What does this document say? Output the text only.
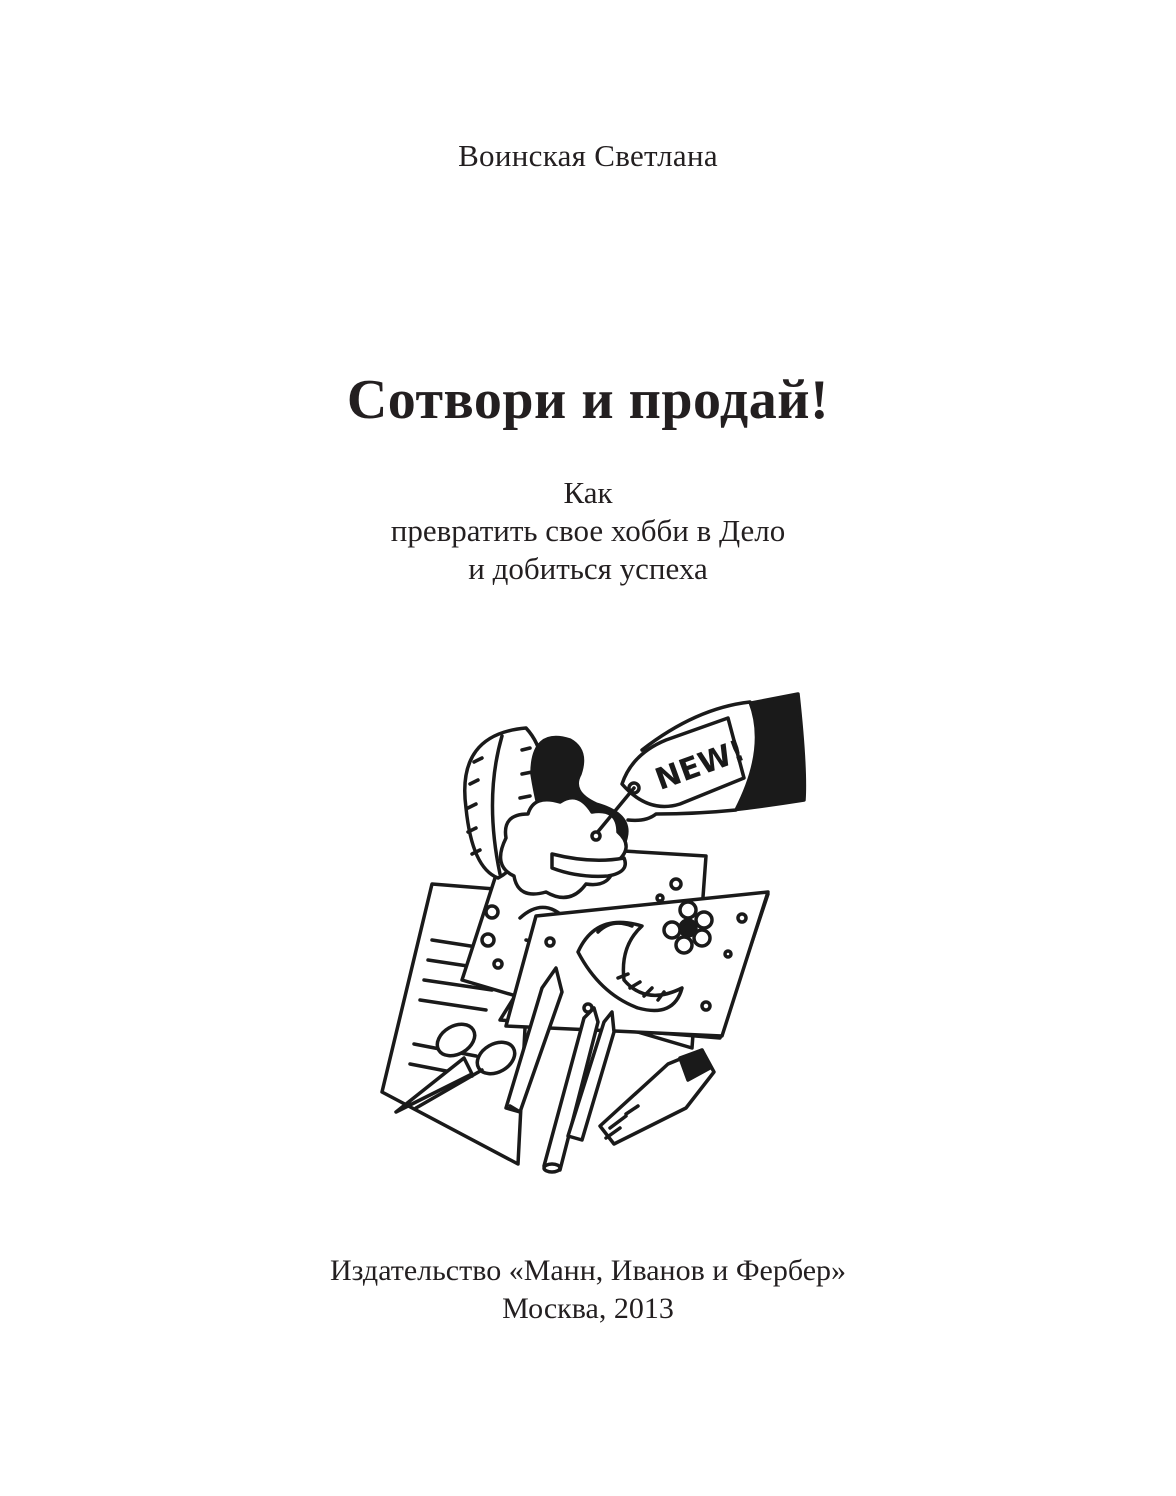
Воинская Светлана
Сотвори и продай!
Как
превратить свое хобби в Дело
и добиться успеха
NEW!
Издательство «Манн, Иванов и Фербер»
Москва, 2013
